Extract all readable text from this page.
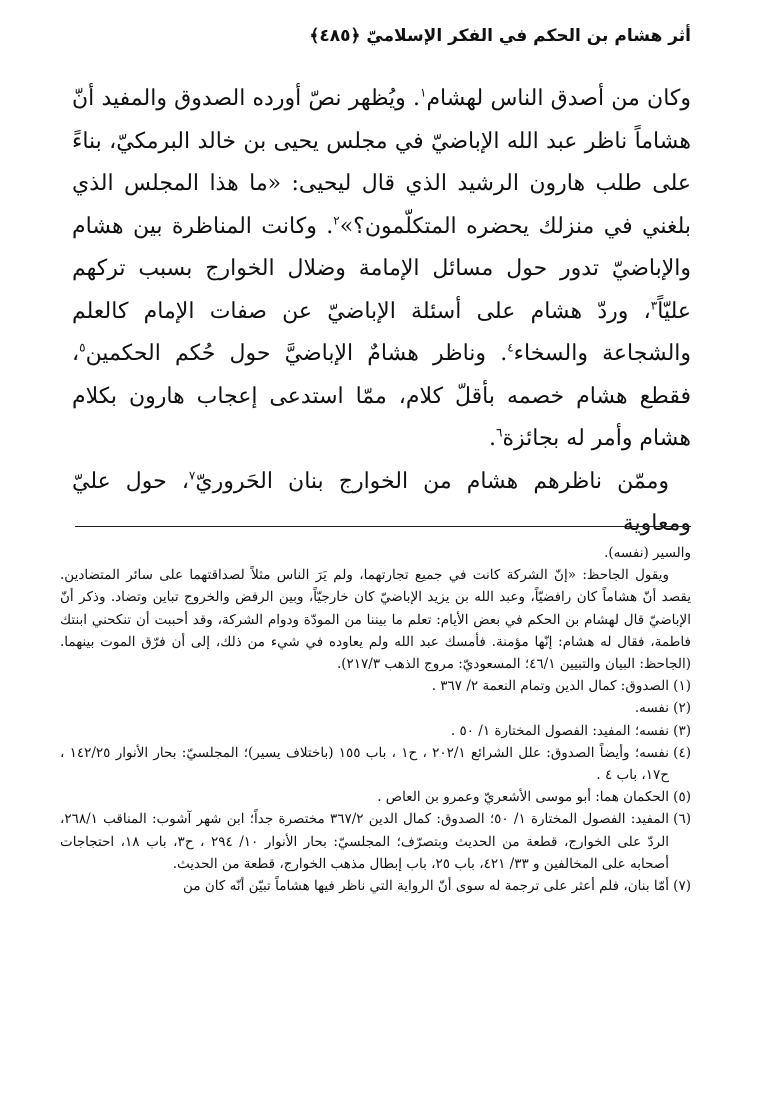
أثر هشام بن الحكم في الفكر الإسلاميّ ﴿٤٨٥﴾

وكان من أصدق الناس لهشام$^١$. ويُظهر نصّ أورده الصدوق والمفيد أنّ هشاماً ناظر عبد الله الإباضيّ في مجلس يحيى بن خالد البرمكيّ، بناءً على طلب هارون الرشيد الذي قال ليحيى: «ما هذا المجلس الذي بلغني في منزلك يحضره المتكلّمون؟»$^٢$. وكانت المناظرة بين هشام والإباضيّ تدور حول مسائل الإمامة وضلال الخوارج بسبب تركهم عليّاً$^٣$، وردّ هشام على أسئلة الإباضيّ عن صفات الإمام كالعلم والشجاعة والسخاء$^٤$. وناظر هشامٌ الإباضيَّ حول حُكم الحكمين$^٥$، فقطع هشام خصمه بأقلّ كلام، ممّا استدعى إعجاب هارون بكلام هشام وأمر له بجائزة$^٦$.

وممّن ناظرهم هشام من الخوارج بنان الحَروريّ$^٧$، حول عليّ ومعاوية

والسير (نفسه).

ويقول الجاحظ: «إنّ الشركة كانت في جميع تجارتهما، ولم يَرَ الناس مثلاً لصداقتهما على سائر المتضادين. يقصد أنّ هشاماً كان رافضيّاً، وعبد الله بن يزيد الإباضيّ كان خارجيّاً، وبين الرفض والخروج تباين وتضاد. وذكر أنّ الإباضيّ قال لهشام بن الحكم في بعض الأيام: تعلم ما بيننا من المودّة ودوام الشركة، وقد أحببت أن تنكحني ابنتك فاطمة، فقال له هشام: إنّها مؤمنة. فأمسك عبد الله ولم يعاوده في شيء من ذلك، إلى أن فرّق الموت بينهما. (الجاحظ: البيان والتبيين ٤٦/١؛ المسعوديّ: مروج الذهب ٢١٧/٣).

(١)الصدوق: كمال الدين وتمام النعمة ٢/ ٣٦٧ .

(٢)نفسه.

(٣)نفسه؛ المفيد: الفصول المختارة ١/ ٥٠ .

(٤)نفسه؛ وأيضاً الصدوق: علل الشرائع ٢٠٢/١ ، ح١ ، باب ١٥٥ (باختلاف يسير)؛ المجلسيّ: بحار الأنوار ١٤٢/٢٥ ، ح١٧، باب ٤ .

(٥)الحكمان هما: أبو موسى الأشعريّ وعمرو بن العاص .

(٦)المفيد: الفصول المختارة ١/ ٥٠؛ الصدوق: كمال الدين ٣٦٧/٢ مختصرة جداً؛ ابن شهر آشوب: المناقب ٢٦٨/١، الردّ على الخوارج، قطعة من الحديث وبتصرّف؛ المجلسيّ: بحار الأنوار ١٠/ ٢٩٤ ، ح٣، باب ١٨، احتجاجات أصحابه على المخالفين و ٣٣/ ٤٢١، باب ٢٥، باب إبطال مذهب الخوارج، قطعة من الحديث.

(٧)أمّا بنان، فلم أعثر على ترجمة له سوى أنّ الرواية التي ناظر فيها هشاماً تبيّن أنّه كان من
